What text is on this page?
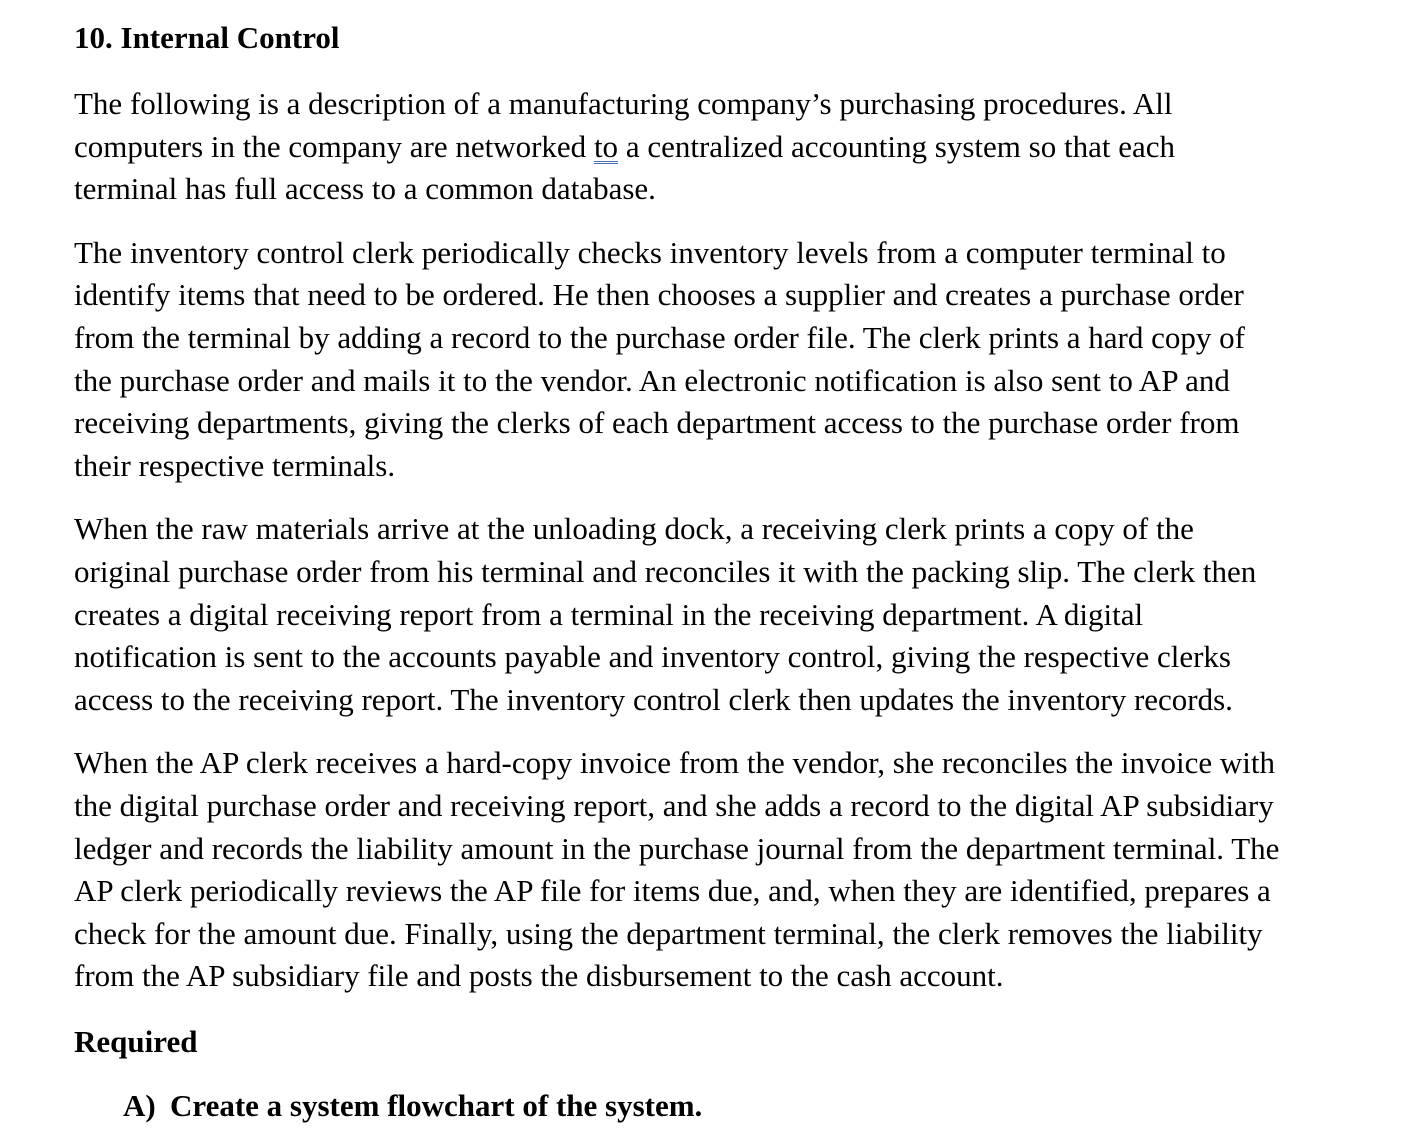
10. Internal Control

The following is a description of a manufacturing company’s purchasing procedures. All
computers in the company are networked to a centralized accounting system so that each
terminal has full access to a common database.

The inventory control clerk periodically checks inventory levels from a computer terminal to
identify items that need to be ordered. He then chooses a supplier and creates a purchase order
from the terminal by adding a record to the purchase order file. The clerk prints a hard copy of
the purchase order and mails it to the vendor. An electronic notification is also sent to AP and
receiving departments, giving the clerks of each department access to the purchase order from
their respective terminals.

When the raw materials arrive at the unloading dock, a receiving clerk prints a copy of the
original purchase order from his terminal and reconciles it with the packing slip. The clerk then
creates a digital receiving report from a terminal in the receiving department. A digital
notification is sent to the accounts payable and inventory control, giving the respective clerks
access to the receiving report. The inventory control clerk then updates the inventory records.

When the AP clerk receives a hard-copy invoice from the vendor, she reconciles the invoice with
the digital purchase order and receiving report, and she adds a record to the digital AP subsidiary
ledger and records the liability amount in the purchase journal from the department terminal. The
AP clerk periodically reviews the AP file for items due, and, when they are identified, prepares a
check for the amount due. Finally, using the department terminal, the clerk removes the liability
from the AP subsidiary file and posts the disbursement to the cash account.

Required

A) Create a system flowchart of the system.
